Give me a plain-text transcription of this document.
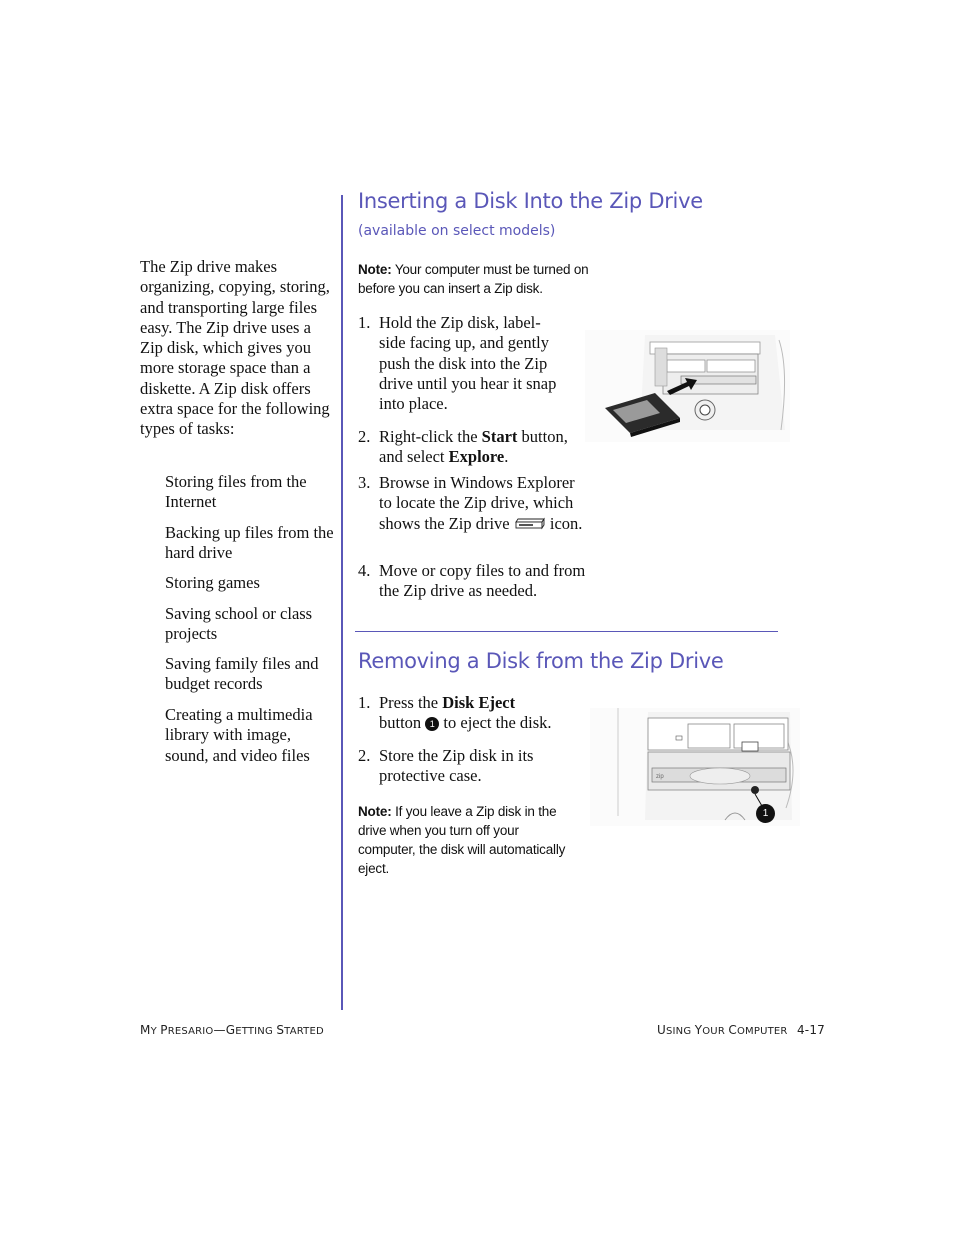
The Zip drive makes organizing, copying, storing, and transporting large files easy. The Zip drive uses a Zip disk, which gives you more storage space than a diskette. A Zip disk offers extra space for the following types of tasks:
Storing files from the Internet
Backing up files from the hard drive
Storing games
Saving school or class projects
Saving family files and budget records
Creating a multimedia library with image, sound, and video files
Inserting a Disk Into the Zip Drive
(available on select models)
Note: Your computer must be turned on before you can insert a Zip disk.
1. Hold the Zip disk, label-side facing up, and gently push the disk into the Zip drive until you hear it snap into place.
2. Right-click the Start button, and select Explore.
3. Browse in Windows Explorer to locate the Zip drive, which shows the Zip drive icon.
4. Move or copy files to and from the Zip drive as needed.
Removing a Disk from the Zip Drive
1. Press the Disk Eject
button 1 to eject the disk.
2. Store the Zip disk in its protective case.
Note: If you leave a Zip disk in the drive when you turn off your computer, the disk will automatically eject.
zip
1
MY PRESARIO—GETTING STARTED	USING YOUR COMPUTER 4-17
